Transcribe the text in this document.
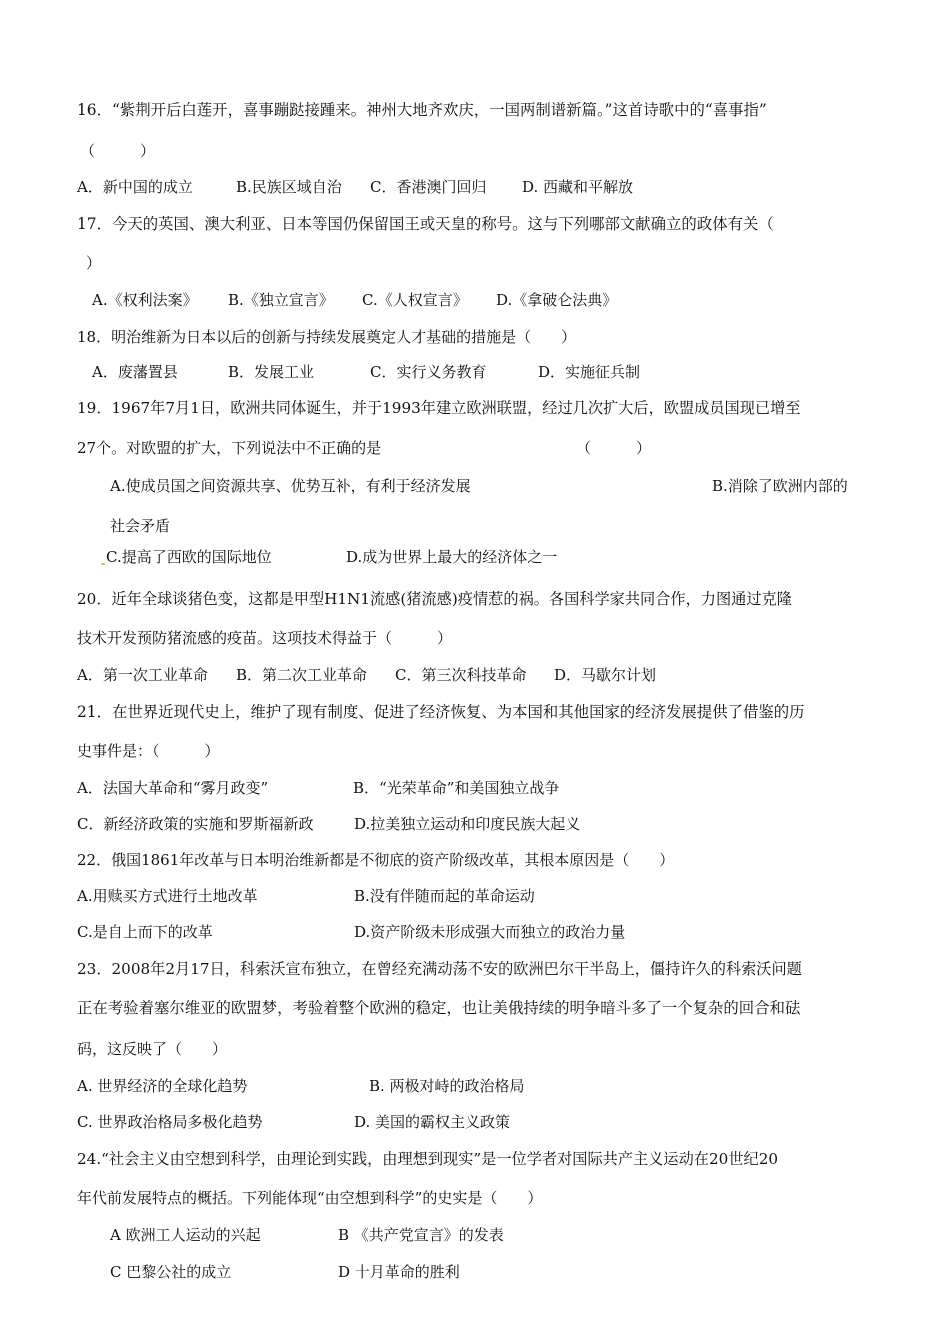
16．“紫荆开后白莲开，喜事蹦跶接踵来。神州大地齐欢庆，一国两制谱新篇。”这首诗歌中的“喜事指”
（　　　）
A．新中国的成立	B.民族区域自治 C．香港澳门回归 D. 西藏和平解放
17．今天的英国、澳大利亚、日本等国仍保留国王或天皇的称号。这与下列哪部文献确立的政体有关（
）
A.《权利法案》 B.《独立宣言》 C.《人权宣言》 D.《拿破仑法典》
18．明治维新为日本以后的创新与持续发展奠定人才基础的措施是（　　）
A．废藩置县	B．发展工业	C．实行义务教育	D．实施征兵制
19．1967年7月1日，欧洲共同体诞生，并于1993年建立欧洲联盟，经过几次扩大后，欧盟成员国现已增至
27个。对欧盟的扩大，下列说法中不正确的是	（　　　）
A.使成员国之间资源共享、优势互补，有利于经济发展	B.消除了欧洲内部的
社会矛盾
C.提高了西欧的国际地位	D.成为世界上最大的经济体之一
20．近年全球谈猪色变，这都是甲型H1N1流感(猪流感)疫情惹的祸。各国科学家共同合作，力图通过克隆
技术开发预防猪流感的疫苗。这项技术得益于（　　　）
A．第一次工业革命 B．第二次工业革命 C．第三次科技革命 D．马歇尔计划
21．在世界近现代史上，维护了现有制度、促进了经济恢复、为本国和其他国家的经济发展提供了借鉴的历
史事件是：（　　　）
A．法国大革命和“雾月政变”	B．“光荣革命”和美国独立战争
C．新经济政策的实施和罗斯福新政	D.拉美独立运动和印度民族大起义
22．俄国1861年改革与日本明治维新都是不彻底的资产阶级改革，其根本原因是（　　）
A.用赎买方式进行土地改革	B.没有伴随而起的革命运动
C.是自上而下的改革	D.资产阶级未形成强大而独立的政治力量
23．2008年2月17日，科索沃宣布独立，在曾经充满动荡不安的欧洲巴尔干半岛上，僵持许久的科索沃问题
正在考验着塞尔维亚的欧盟梦，考验着整个欧洲的稳定，也让美俄持续的明争暗斗多了一个复杂的回合和砝
码，这反映了（　　）
A. 世界经济的全球化趋势	B. 两极对峙的政治格局
C. 世界政治格局多极化趋势	D. 美国的霸权主义政策
24.“社会主义由空想到科学，由理论到实践，由理想到现实”是一位学者对国际共产主义运动在20世纪20
年代前发展特点的概括。下列能体现“由空想到科学”的史实是（　　）
A 欧洲工人运动的兴起	B 《共产党宣言》的发表
C 巴黎公社的成立	D 十月革命的胜利
